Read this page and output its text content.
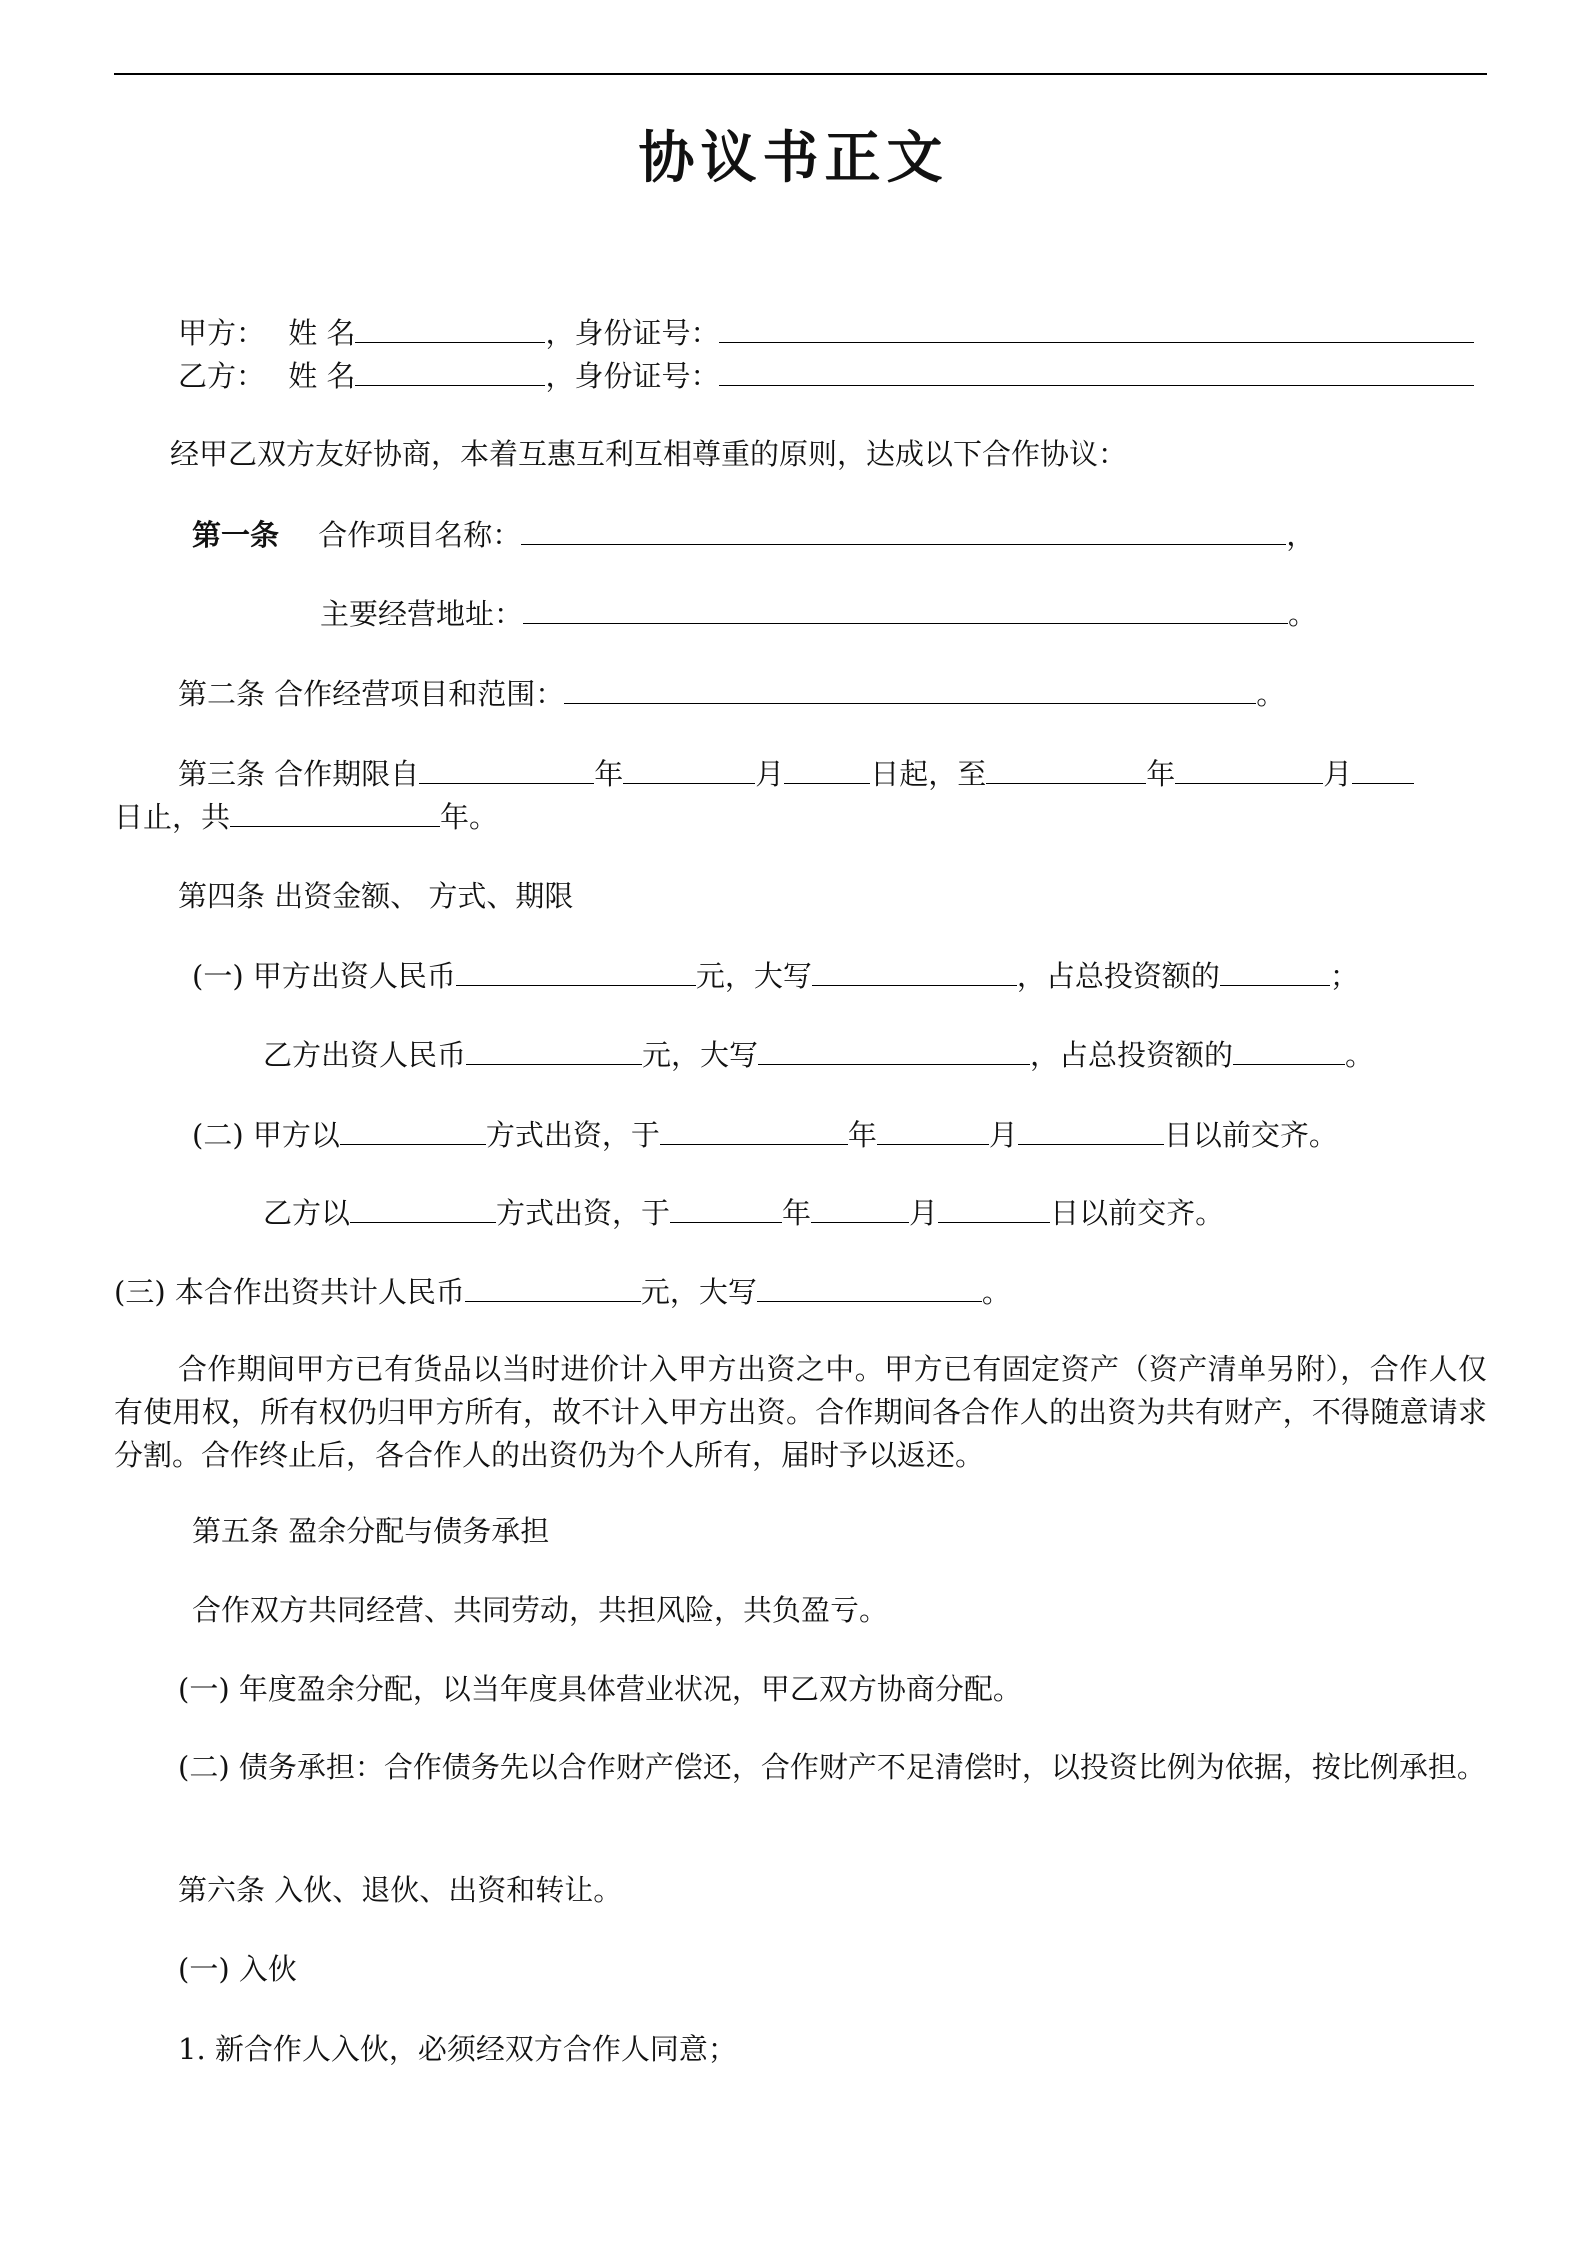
协议书正文
甲方： 姓 名	，身份证号：
乙方： 姓 名	，身份证号：
经甲乙双方友好协商，本着互惠互利互相尊重的原则，达成以下合作协议：
第一条 合作项目名称：	，
主要经营地址：	。
第二条 合作经营项目和范围：	。
第三条 合作期限自	年	月	日起，至	年	月
日止，共	年。
第四条 出资金额、 方式、期限
(一) 甲方出资人民币	元，大写	，占总投资额的	；
乙方出资人民币	元，大写	，占总投资额的	。
(二) 甲方以	方式出资，于	年	月	日以前交齐。
乙方以	方式出资，于	年	月	日以前交齐。
(三) 本合作出资共计人民币	元，大写	。
合作期间甲方已有货品以当时进价计入甲方出资之中。甲方已有固定资产（资产清单另附），合作人仅有使用权，所有权仍归甲方所有，故不计入甲方出资。合作期间各合作人的出资为共有财产，不得随意请求分割。合作终止后，各合作人的出资仍为个人所有，届时予以返还。
第五条 盈余分配与债务承担
合作双方共同经营、共同劳动，共担风险，共负盈亏。
(一) 年度盈余分配，以当年度具体营业状况，甲乙双方协商分配。
(二) 债务承担：合作债务先以合作财产偿还，合作财产不足清偿时，以投资比例为依据，按比例承担。
第六条 入伙、退伙、出资和转让。
(一) 入伙
1. 新合作人入伙，必须经双方合作人同意；
